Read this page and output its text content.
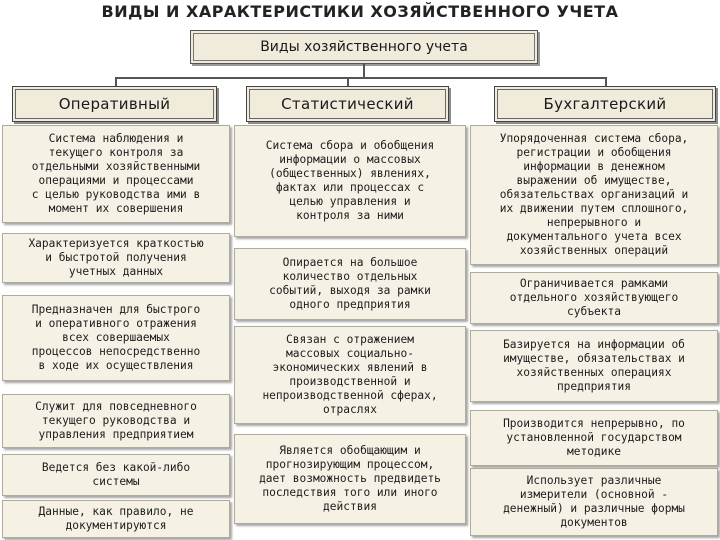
ВИДЫ И ХАРАКТЕРИСТИКИ ХОЗЯЙСТВЕННОГО УЧЕТА
Виды хозяйственного учета
Оперативный	Статистический	Бухгалтерский
Система наблюдения и
текущего контроля за
отдельными хозяйственными
операциями и процессами
с целью руководства ими в
момент их совершения
Характеризуется краткостью
и быстротой получения
учетных данных
Предназначен для быстрого
и оперативного отражения
всех совершаемых
процессов непосредственно
в ходе их осуществления
Служит для повседневного
текущего руководства и
управления предприятием
Ведется без какой-либо
системы
Данные, как правило, не
документируются
Система сбора и обобщения
информации о массовых
(общественных) явлениях,
фактах или процессах с
целью управления и
контроля за ними
Опирается на большое
количество отдельных
событий, выходя за рамки
одного предприятия
Связан с отражением
массовых социально-
экономических явлений в
производственной и
непроизводственной сферах,
отраслях
Является обобщающим и
прогнозирующим процессом,
дает возможность предвидеть
последствия того или иного
действия
Упорядоченная система сбора,
регистрации и обобщения
информации в денежном
выражении об имуществе,
обязательствах организаций и
их движении путем сплошного,
непрерывного и
документального учета всех
хозяйственных операций
Ограничивается рамками
отдельного хозяйствующего
субъекта
Базируется на информации об
имуществе, обязательствах и
хозяйственных операциях
предприятия
Производится непрерывно, по
установленной государством
методике
Использует различные
измерители (основной -
денежный) и различные формы
документов
